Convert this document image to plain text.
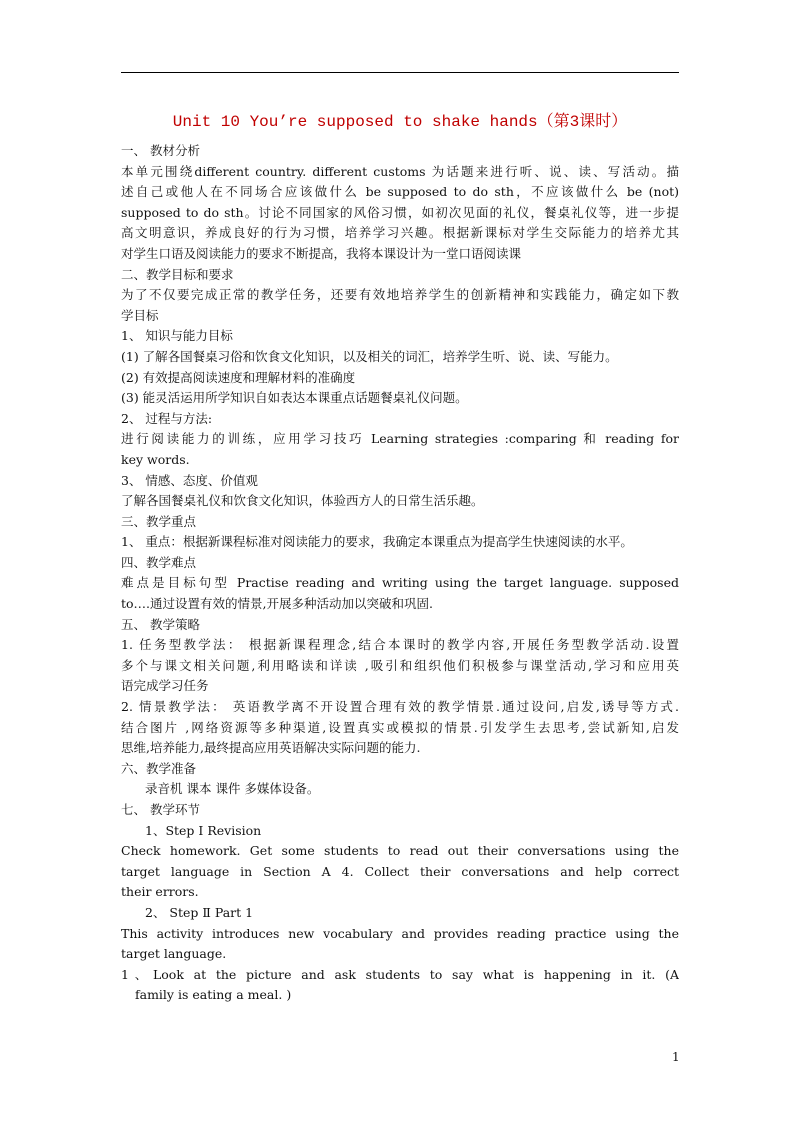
Unit 10 You’re supposed to shake hands（第3课时）
一、 教材分析
本单元围绕different country. different customs 为话题来进行听、说、读、写活动。描
述自己或他人在不同场合应该做什么 be supposed to do sth，不应该做什么 be (not)
supposed to do sth。讨论不同国家的风俗习惯，如初次见面的礼仪，餐桌礼仪等，进一步提
高文明意识，养成良好的行为习惯，培养学习兴趣。根据新课标对学生交际能力的培养尤其
对学生口语及阅读能力的要求不断提高，我将本课设计为一堂口语阅读课
二、教学目标和要求
为了不仅要完成正常的教学任务，还要有效地培养学生的创新精神和实践能力，确定如下教
学目标
1、 知识与能力目标
(1) 了解各国餐桌习俗和饮食文化知识，以及相关的词汇，培养学生听、说、读、写能力。
(2) 有效提高阅读速度和理解材料的准确度
(3) 能灵活运用所学知识自如表达本课重点话题餐桌礼仪问题。
2、 过程与方法:
进行阅读能力的训练，应用学习技巧 Learning strategies :comparing 和 reading for
key words.
3、 情感、态度、价值观
了解各国餐桌礼仪和饮食文化知识，体验西方人的日常生活乐趣。
三、教学重点
1、 重点：根据新课程标准对阅读能力的要求，我确定本课重点为提高学生快速阅读的水平。
四、教学难点
难点是目标句型 Practise reading and writing using the target language. supposed
to….通过设置有效的情景,开展多种活动加以突破和巩固.
五、 教学策略
1. 任务型教学法： 根据新课程理念,结合本课时的教学内容,开展任务型教学活动.设置
多个与课文相关问题,利用略读和详读 ,吸引和组织他们积极参与课堂活动,学习和应用英
语完成学习任务
2. 情景教学法： 英语教学离不开设置合理有效的教学情景.通过设问,启发,诱导等方式.
结合图片 ,网络资源等多种渠道,设置真实或模拟的情景.引发学生去思考,尝试新知,启发
思维,培养能力,最终提高应用英语解决实际问题的能力.
六、教学准备
录音机 课本 课件 多媒体设备。
七、 教学环节
1、Step Ⅰ Revision
Check homework. Get some students to read out their conversations using the
target language in Section A 4. Collect their conversations and help correct
their errors.
2、 Step Ⅱ Part 1
This activity introduces new vocabulary and provides reading practice using the
target language.
1、Look at the picture and ask students to say what is happening in it. (A
family is eating a meal. )
1
